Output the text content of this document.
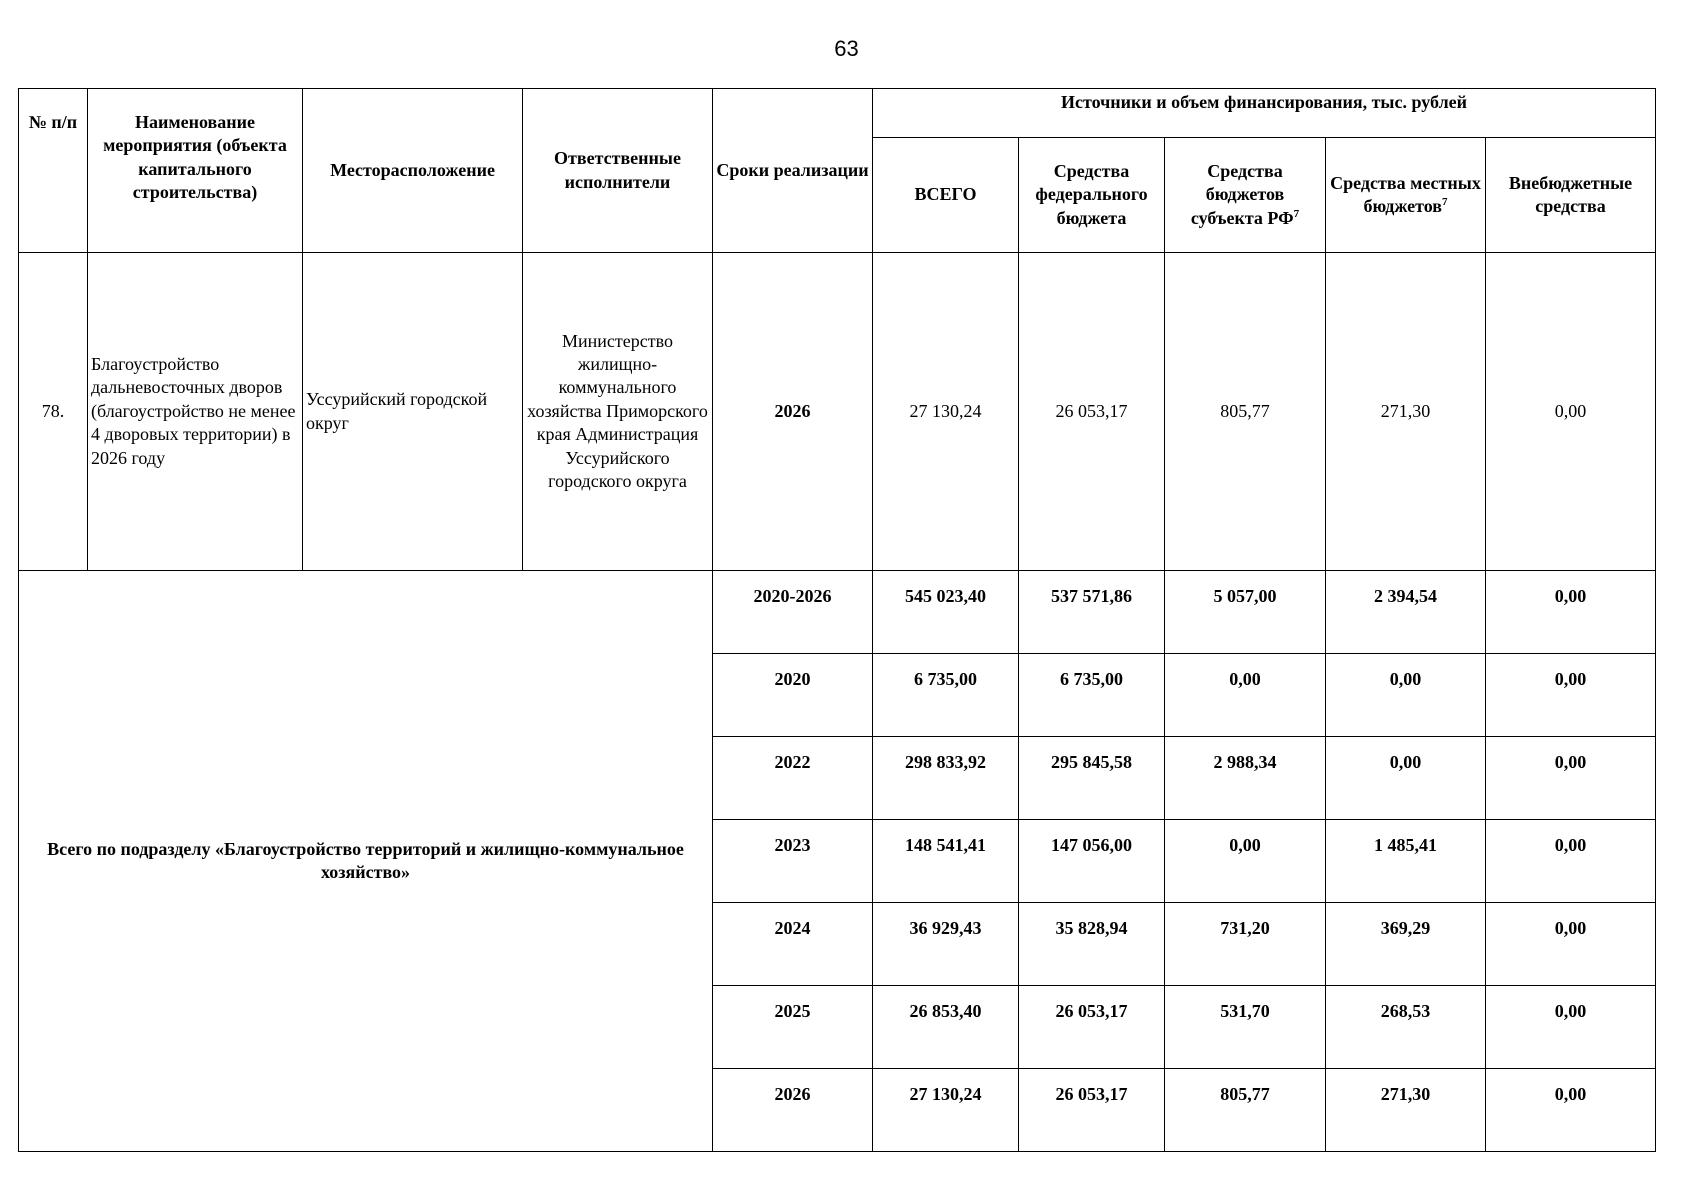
63
№ п/п	Наименование мероприятия (объекта капитального строительства)	Месторасположение	Ответственные исполнители	Сроки реализации	Источники и объем финансирования, тыс. рублей				
					ВСЕГО	Средства федерального бюджета	Средства бюджетов субъекта $РФ^7$	Средства местных бюджетов$^7$	Внебюджетные средства
78.	Благоустройство дальневосточных дворов (благоустройство не менее 4 дворовых территории) в 2026 году	Уссурийский городской округ	Министерство жилищно-коммунального хозяйства Приморского края Администрация Уссурийского городского округа	2026	27 130,24	26 053,17	805,77	271,30	0,00
Всего по подразделу «Благоустройство территорий и жилищно-коммунальное хозяйство»				2020-2026	545 023,40	537 571,86	5 057,00	2 394,54	0,00
				2020	6 735,00	6 735,00	0,00	0,00	0,00
				2022	298 833,92	295 845,58	2 988,34	0,00	0,00
				2023	148 541,41	147 056,00	0,00	1 485,41	0,00
				2024	36 929,43	35 828,94	731,20	369,29	0,00
				2025	26 853,40	26 053,17	531,70	268,53	0,00
				2026	27 130,24	26 053,17	805,77	271,30	0,00
